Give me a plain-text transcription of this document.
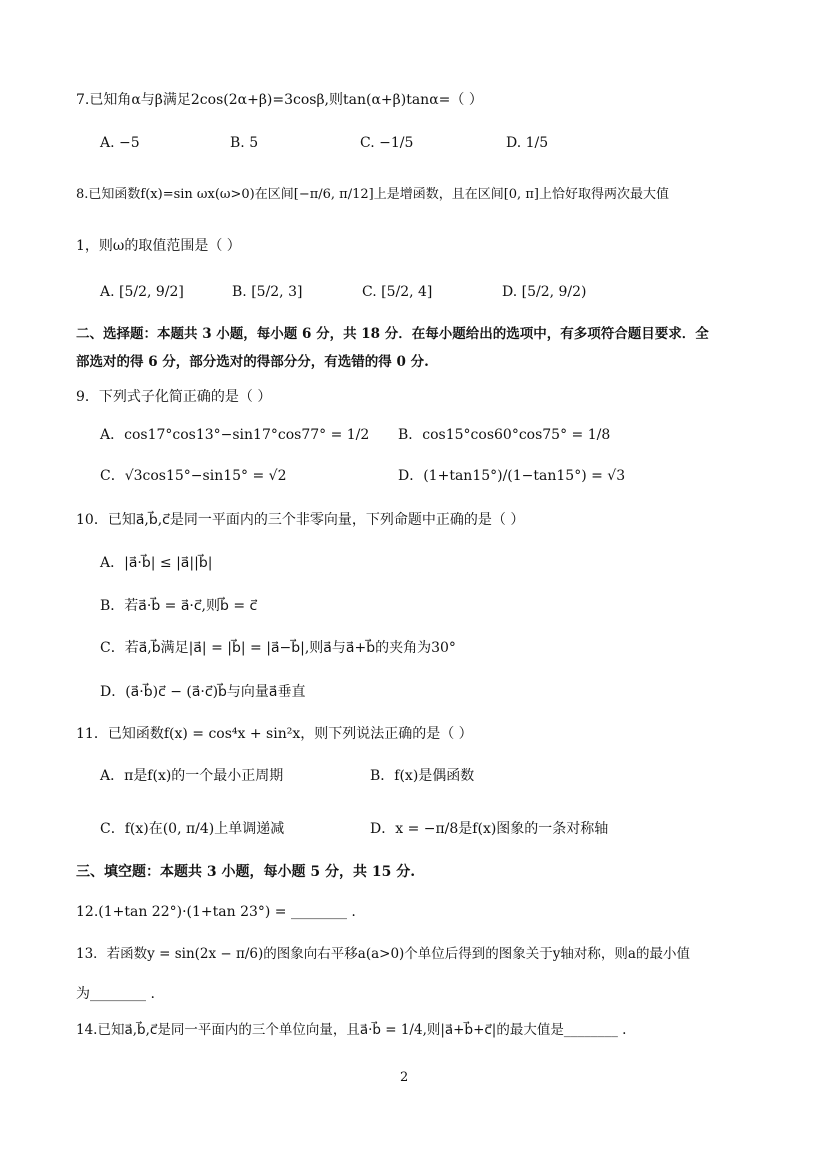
7.已知角α与β满足2cos(2α+β)=3cosβ,则tan(α+β)tanα=（ ）
A. −5	B. 5	C. −1/5	D. 1/5
8.已知函数f(x)=sin ωx(ω>0)在区间[−π/6, π/12]上是增函数，且在区间[0, π]上恰好取得两次最大值
1，则ω的取值范围是（ ）
A. [5/2, 9/2]	B. [5/2, 3]	C. [5/2, 4]	D. [5/2, 9/2)
二、选择题：本题共 3 小题，每小题 6 分，共 18 分．在每小题给出的选项中，有多项符合题目要求．全
部选对的得 6 分，部分选对的得部分分，有选错的得 0 分.
9．下列式子化简正确的是（ ）
A．cos17°cos13°−sin17°cos77° = 1/2 B．cos15°cos60°cos75° = 1/8
C．√3cos15°−sin15° = √2	D．(1+tan15°)/(1−tan15°) = √3
10．已知a⃗,b⃗,c⃗是同一平面内的三个非零向量，下列命题中正确的是（ ）
A．|a⃗·b⃗| ≤ |a⃗||b⃗|
B．若a⃗·b⃗ = a⃗·c⃗,则b⃗ = c⃗
C．若a⃗,b⃗满足|a⃗| = |b⃗| = |a⃗−b⃗|,则a⃗与a⃗+b⃗的夹角为30°
D．(a⃗·b⃗)c⃗ − (a⃗·c⃗)b⃗与向量a⃗垂直
11．已知函数f(x) = cos⁴x + sin²x，则下列说法正确的是（ ）
A．π是f(x)的一个最小正周期	B．f(x)是偶函数
C．f(x)在(0, π/4)上单调递减	D．x = −π/8是f(x)图象的一条对称轴
三、填空题：本题共 3 小题，每小题 5 分，共 15 分.
12.(1+tan 22°)·(1+tan 23°) = ________ .
13．若函数y = sin(2x − π/6)的图象向右平移a(a>0)个单位后得到的图象关于y轴对称，则a的最小值
为________ .
14.已知a⃗,b⃗,c⃗是同一平面内的三个单位向量，且a⃗·b⃗ = 1/4,则|a⃗+b⃗+c⃗|的最大值是________ .
2
